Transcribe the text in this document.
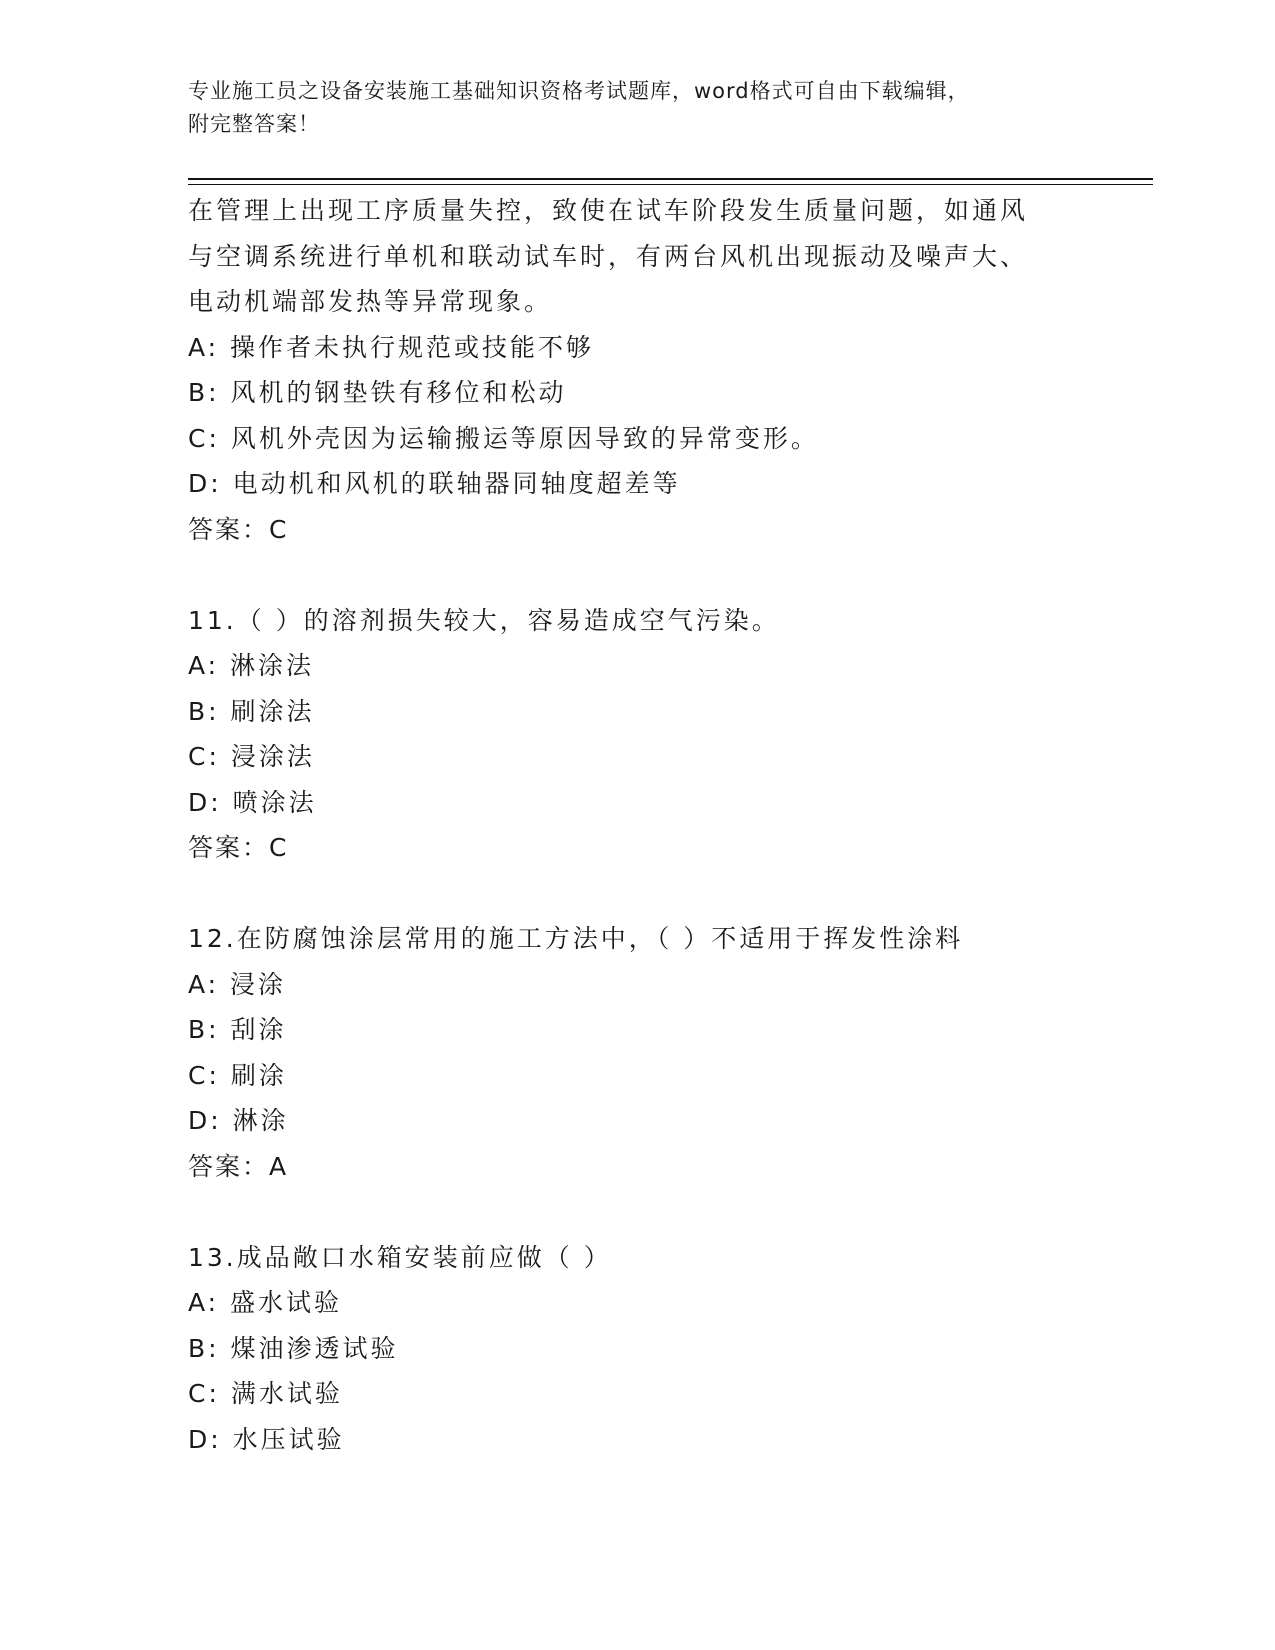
专业施工员之设备安装施工基础知识资格考试题库，word格式可自由下载编辑，
附完整答案！
在管理上出现工序质量失控，致使在试车阶段发生质量问题，如通风
与空调系统进行单机和联动试车时，有两台风机出现振动及噪声大、
电动机端部发热等异常现象。
A: 操作者未执行规范或技能不够
B: 风机的钢垫铁有移位和松动
C: 风机外壳因为运输搬运等原因导致的异常变形。
D: 电动机和风机的联轴器同轴度超差等
答案：C
11.（ ）的溶剂损失较大，容易造成空气污染。
A: 淋涂法
B: 刷涂法
C: 浸涂法
D: 喷涂法
答案：C
12.在防腐蚀涂层常用的施工方法中，（ ）不适用于挥发性涂料
A: 浸涂
B: 刮涂
C: 刷涂
D: 淋涂
答案：A
13.成品敞口水箱安装前应做（ ）
A: 盛水试验
B: 煤油渗透试验
C: 满水试验
D: 水压试验
